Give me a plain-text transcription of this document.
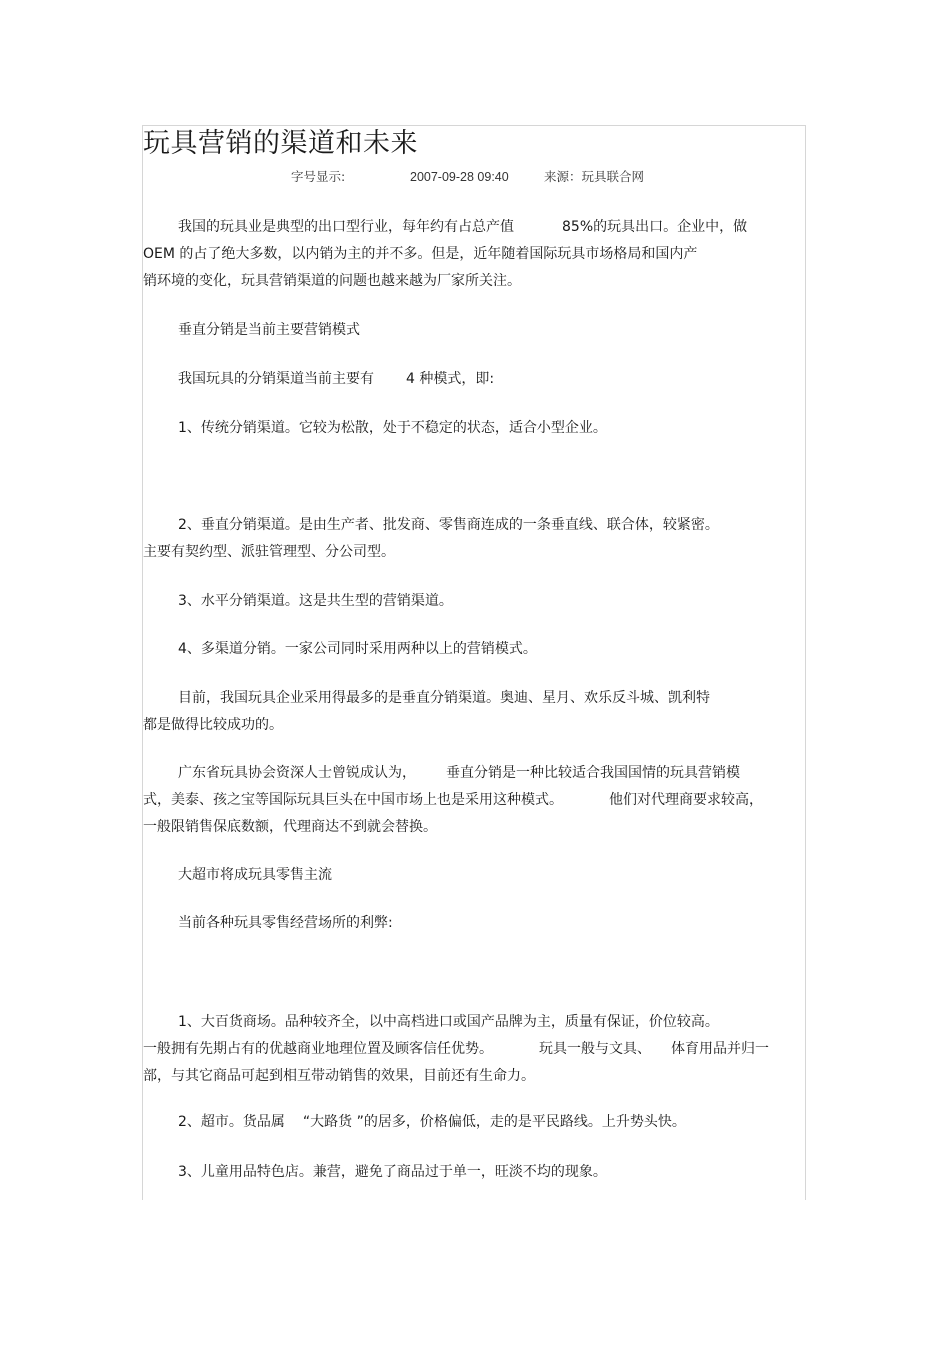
玩具营销的渠道和未来
字号显示:	2007-09-28 09:40	来源：玩具联合网
我国的玩具业是典型的出口型行业，每年约有占总产值	85%的玩具出口。企业中，做
OEM 的占了绝大多数，以内销为主的并不多。但是，近年随着国际玩具市场格局和国内产
销环境的变化，玩具营销渠道的问题也越来越为厂家所关注。
垂直分销是当前主要营销模式
我国玩具的分销渠道当前主要有 4 种模式，即:
1、传统分销渠道。它较为松散，处于不稳定的状态，适合小型企业。
2、垂直分销渠道。是由生产者、批发商、零售商连成的一条垂直线、联合体，较紧密。
主要有契约型、派驻管理型、分公司型。
3、水平分销渠道。这是共生型的营销渠道。
4、多渠道分销。一家公司同时采用两种以上的营销模式。
目前，我国玩具企业采用得最多的是垂直分销渠道。奥迪、星月、欢乐反斗城、凯利特
都是做得比较成功的。
广东省玩具协会资深人士曾锐成认为， 垂直分销是一种比较适合我国国情的玩具营销模
式，美泰、孩之宝等国际玩具巨头在中国市场上也是采用这种模式。	他们对代理商要求较高，
一般限销售保底数额，代理商达不到就会替换。
大超市将成玩具零售主流
当前各种玩具零售经营场所的利弊:
1、大百货商场。品种较齐全，以中高档进口或国产品牌为主，质量有保证，价位较高。
一般拥有先期占有的优越商业地理位置及顾客信任优势。	玩具一般与文具、 体育用品并归一
部，与其它商品可起到相互带动销售的效果，目前还有生命力。
2、超市。货品属 “大路货 ”的居多，价格偏低，走的是平民路线。上升势头快。
3、儿童用品特色店。兼营，避免了商品过于单一，旺淡不均的现象。
